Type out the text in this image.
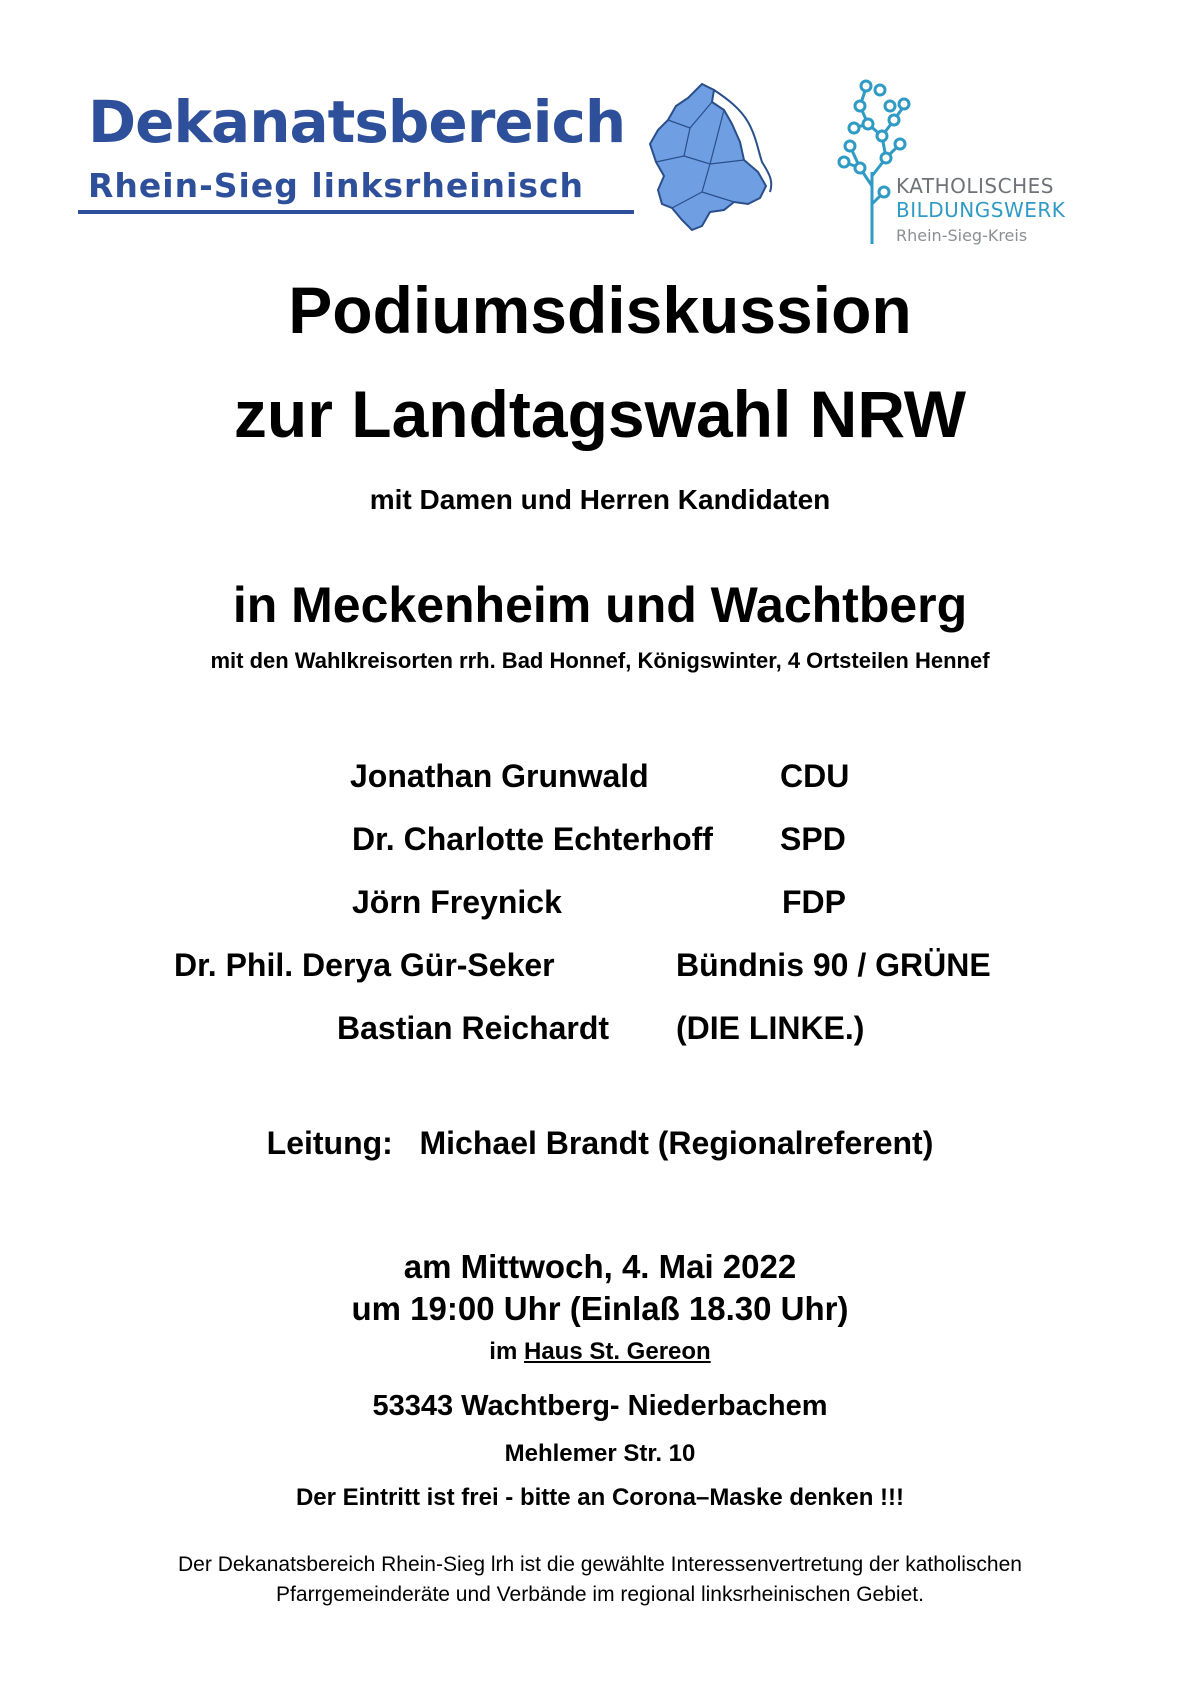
Dekanatsbereich
Rhein-Sieg linksrheinisch	KATHOLISCHES
BILDUNGSWERK
Rhein-Sieg-Kreis
Podiumsdiskussion
zur Landtagswahl NRW
mit Damen und Herren Kandidaten
in Meckenheim und Wachtberg
mit den Wahlkreisorten rrh. Bad Honnef, Königswinter, 4 Ortsteilen Hennef
Jonathan Grunwald	CDU
Dr. Charlotte Echterhoff SPD
Jörn Freynick	FDP
Dr. Phil. Derya Gür-Seker	Bündnis 90 / GRÜNE
Bastian Reichardt (DIE LINKE.)
Leitung: Michael Brandt (Regionalreferent)
am Mittwoch, 4. Mai 2022
um 19:00 Uhr (Einlaß 18.30 Uhr)
im Haus St. Gereon
53343 Wachtberg- Niederbachem
Mehlemer Str. 10
Der Eintritt ist frei - bitte an Corona–Maske denken !!!
Der Dekanatsbereich Rhein-Sieg lrh ist die gewählte Interessenvertretung der katholischen
Pfarrgemeinderäte und Verbände im regional linksrheinischen Gebiet.
